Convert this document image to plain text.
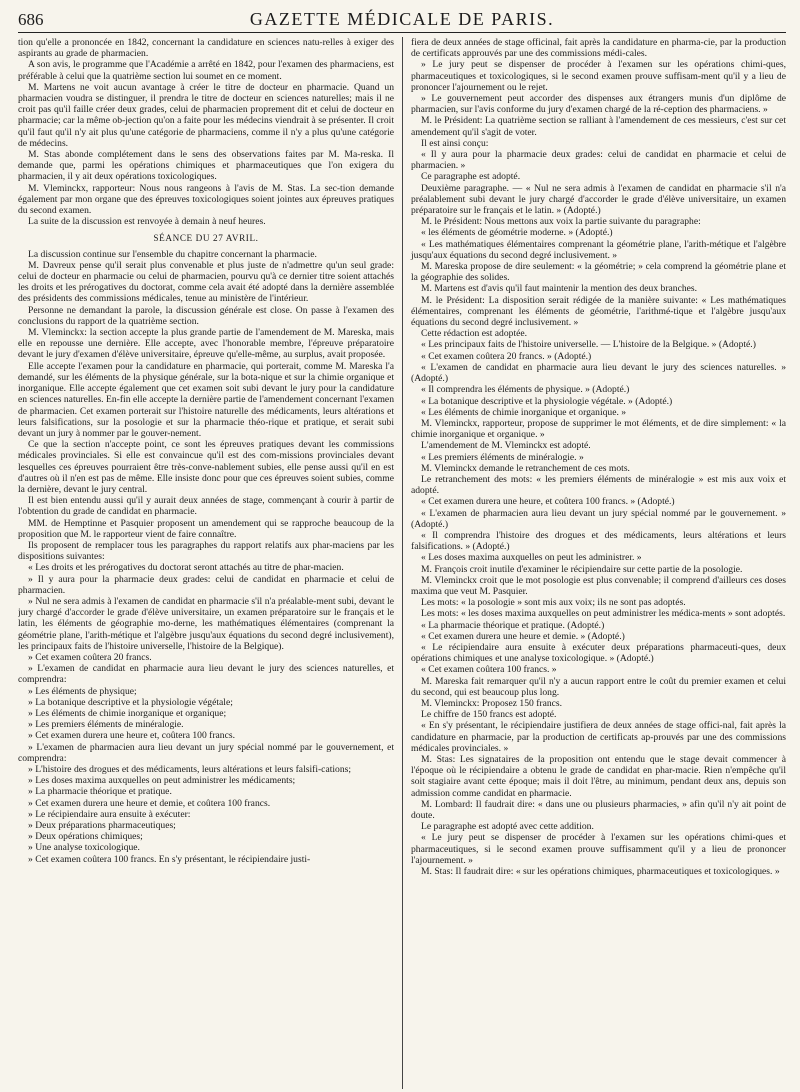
686	GAZETTE MÉDICALE DE PARIS.

tion qu'elle a prononcée en 1842, concernant la candidature en sciences natu-relles à exiger des aspirants au grade de pharmacien.

A son avis, le programme que l'Académie a arrêté en 1842, pour l'examen des pharmaciens, est préférable à celui que la quatrième section lui soumet en ce moment.

M. Martens ne voit aucun avantage à créer le titre de docteur en pharmacie. Quand un pharmacien voudra se distinguer, il prendra le titre de docteur en sciences naturelles; mais il ne croit pas qu'il faille créer deux grades, celui de pharmacien proprement dit et celui de docteur en pharmacie; car la même ob-jection qu'on a faite pour les médecins viendrait à se présenter. Il croit qu'il faut qu'il n'y ait plus qu'une catégorie de pharmaciens, comme il n'y a plus qu'une catégorie de médecins.

M. Stas abonde complétement dans le sens des observations faites par M. Ma-reska. Il demande que, parmi les opérations chimiques et pharmaceutiques que l'on exigera du pharmacien, il y ait deux opérations toxicologiques.

M. Vleminckx, rapporteur: Nous nous rangeons à l'avis de M. Stas. La sec-tion demande également par mon organe que des épreuves toxicologiques soient jointes aux épreuves pratiques du second examen.

La suite de la discussion est renvoyée à demain à neuf heures.

SÉANCE DU 27 AVRIL.

La discussion continue sur l'ensemble du chapitre concernant la pharmacie.

M. Davreux pense qu'il serait plus convenable et plus juste de n'admettre qu'un seul grade: celui de docteur en pharmacie ou celui de pharmacien, pourvu qu'à ce dernier titre soient attachés les droits et les prérogatives du doctorat, comme cela avait été adopté dans la dernière assemblée des présidents des commissions médicales, tenue au ministère de l'intérieur.

Personne ne demandant la parole, la discussion générale est close. On passe à l'examen des conclusions du rapport de la quatrième section.

M. Vleminckx: la section accepte la plus grande partie de l'amendement de M. Mareska, mais elle en repousse une dernière. Elle accepte, avec l'honorable membre, l'épreuve préparatoire devant le jury d'examen d'élève universitaire, épreuve qu'elle-même, au surplus, avait proposée.

Elle accepte l'examen pour la candidature en pharmacie, qui porterait, comme M. Mareska l'a demandé, sur les éléments de la physique générale, sur la bota-nique et sur la chimie organique et inorganique. Elle accepte également que cet examen soit subi devant le jury pour la candidature en sciences naturelles. En-fin elle accepte la dernière partie de l'amendement concernant l'examen de pharmacien. Cet examen porterait sur l'histoire naturelle des médicaments, leurs altérations et leurs falsifications, sur la posologie et sur la pharmacie théo-rique et pratique, et serait subi devant un jury à nommer par le gouver-nement.

Ce que la section n'accepte point, ce sont les épreuves pratiques devant les commissions médicales provinciales. Si elle est convaincue qu'il est des com-missions provinciales devant lesquelles ces épreuves pourraient être très-conve-nablement subies, elle pense aussi qu'il en est d'autres où il n'en est pas de même. Elle insiste donc pour que ces épreuves soient subies, comme la dernière, devant le jury central.

Il est bien entendu aussi qu'il y aurait deux années de stage, commençant à courir à partir de l'obtention du grade de candidat en pharmacie.

MM. de Hemptinne et Pasquier proposent un amendement qui se rapproche beaucoup de la proposition que M. le rapporteur vient de faire connaître.

Ils proposent de remplacer tous les paragraphes du rapport relatifs aux phar-maciens par les dispositions suivantes:

« Les droits et les prérogatives du doctorat seront attachés au titre de phar-macien.

» Il y aura pour la pharmacie deux grades: celui de candidat en pharmacie et celui de pharmacien.

» Nul ne sera admis à l'examen de candidat en pharmacie s'il n'a préalable-ment subi, devant le jury chargé d'accorder le grade d'élève universitaire, un examen préparatoire sur le français et le latin, les éléments de géographie mo-derne, les mathématiques élémentaires (comprenant la géométrie plane, l'arith-métique et l'algèbre jusqu'aux équations du second degré inclusivement), les principaux faits de l'histoire universelle, l'histoire de la Belgique).

» Cet examen coûtera 20 francs.

» L'examen de candidat en pharmacie aura lieu devant le jury des sciences naturelles, et comprendra:

» Les éléments de physique;

» La botanique descriptive et la physiologie végétale;

» Les éléments de chimie inorganique et organique;

» Les premiers éléments de minéralogie.

» Cet examen durera une heure et, coûtera 100 francs.

» L'examen de pharmacien aura lieu devant un jury spécial nommé par le gouvernement, et comprendra:

» L'histoire des drogues et des médicaments, leurs altérations et leurs falsifi-cations;

» Les doses maxima auxquelles on peut administrer les médicaments;

» La pharmacie théorique et pratique.

» Cet examen durera une heure et demie, et coûtera 100 francs.

» Le récipiendaire aura ensuite à exécuter:

» Deux préparations pharmaceutiques;

» Deux opérations chimiques;

» Une analyse toxicologique.

» Cet examen coûtera 100 francs. En s'y présentant, le récipiendaire justi-

fiera de deux années de stage officinal, fait après la candidature en pharma-cie, par la production de certificats approuvés par une des commissions médi-cales.

» Le jury peut se dispenser de procéder à l'examen sur les opérations chimi-ques, pharmaceutiques et toxicologiques, si le second examen prouve suffisam-ment qu'il y a lieu de prononcer l'ajournement ou le rejet.

» Le gouvernement peut accorder des dispenses aux étrangers munis d'un diplôme de pharmacien, sur l'avis conforme du jury d'examen chargé de la ré-ception des pharmaciens. »

M. le Président: La quatrième section se ralliant à l'amendement de ces messieurs, c'est sur cet amendement qu'il s'agit de voter.

Il est ainsi conçu:

« Il y aura pour la pharmacie deux grades: celui de candidat en pharmacie et celui de pharmacien. »

Ce paragraphe est adopté.

Deuxième paragraphe. — « Nul ne sera admis à l'examen de candidat en pharmacie s'il n'a préalablement subi devant le jury chargé d'accorder le grade d'élève universitaire, un examen préparatoire sur le français et le latin. » (Adopté.)

M. le Président: Nous mettons aux voix la partie suivante du paragraphe:

« les éléments de géométrie moderne. » (Adopté.)

« Les mathématiques élémentaires comprenant la géométrie plane, l'arith-métique et l'algèbre jusqu'aux équations du second degré inclusivement. »

M. Mareska propose de dire seulement: « la géométrie; » cela comprend la géométrie plane et la géographie des solides.

M. Martens est d'avis qu'il faut maintenir la mention des deux branches.

M. le Président: La disposition serait rédigée de la manière suivante: « Les mathématiques élémentaires, comprenant les éléments de géométrie, l'arithmé-tique et l'algèbre jusqu'aux équations du second degré inclusivement. »

Cette rédaction est adoptée.

« Les principaux faits de l'histoire universelle. — L'histoire de la Belgique. » (Adopté.)

« Cet examen coûtera 20 francs. » (Adopté.)

« L'examen de candidat en pharmacie aura lieu devant le jury des sciences naturelles. » (Adopté.)

« Il comprendra les éléments de physique. » (Adopté.)

« La botanique descriptive et la physiologie végétale. » (Adopté.)

« Les éléments de chimie inorganique et organique. »

M. Vleminckx, rapporteur, propose de supprimer le mot éléments, et de dire simplement: « la chimie inorganique et organique. »

L'amendement de M. Vleminckx est adopté.

« Les premiers éléments de minéralogie. »

M. Vleminckx demande le retranchement de ces mots.

Le retranchement des mots: « les premiers éléments de minéralogie » est mis aux voix et adopté.

« Cet examen durera une heure, et coûtera 100 francs. » (Adopté.)

« L'examen de pharmacien aura lieu devant un jury spécial nommé par le gouvernement. » (Adopté.)

« Il comprendra l'histoire des drogues et des médicaments, leurs altérations et leurs falsifications. » (Adopté.)

« Les doses maxima auxquelles on peut les administrer. »

M. François croit inutile d'examiner le récipiendaire sur cette partie de la posologie.

M. Vleminckx croit que le mot posologie est plus convenable; il comprend d'ailleurs ces doses maxima que veut M. Pasquier.

Les mots: « la posologie » sont mis aux voix; ils ne sont pas adoptés.

Les mots: « les doses maxima auxquelles on peut administrer les médica-ments » sont adoptés.

« La pharmacie théorique et pratique. (Adopté.)

« Cet examen durera une heure et demie. » (Adopté.)

« Le récipiendaire aura ensuite à exécuter deux préparations pharmaceuti-ques, deux opérations chimiques et une analyse toxicologique. » (Adopté.)

« Cet examen coûtera 100 francs. »

M. Mareska fait remarquer qu'il n'y a aucun rapport entre le coût du premier examen et celui du second, qui est beaucoup plus long.

M. Vleminckx: Proposez 150 francs.

Le chiffre de 150 francs est adopté.

« En s'y présentant, le récipiendaire justifiera de deux années de stage offici-nal, fait après la candidature en pharmacie, par la production de certificats ap-prouvés par une des commissions médicales provinciales. »

M. Stas: Les signataires de la proposition ont entendu que le stage devait commencer à l'époque où le récipiendaire a obtenu le grade de candidat en phar-macie. Rien n'empêche qu'il soit stagiaire avant cette époque; mais il doit l'être, au minimum, pendant deux ans, depuis son admission comme candidat en pharmacie.

M. Lombard: Il faudrait dire: « dans une ou plusieurs pharmacies, » afin qu'il n'y ait point de doute.

Le paragraphe est adopté avec cette addition.

« Le jury peut se dispenser de procéder à l'examen sur les opérations chimi-ques et pharmaceutiques, si le second examen prouve suffisamment qu'il y a lieu de prononcer l'ajournement. »

M. Stas: Il faudrait dire: « sur les opérations chimiques, pharmaceutiques et toxicologiques. »
